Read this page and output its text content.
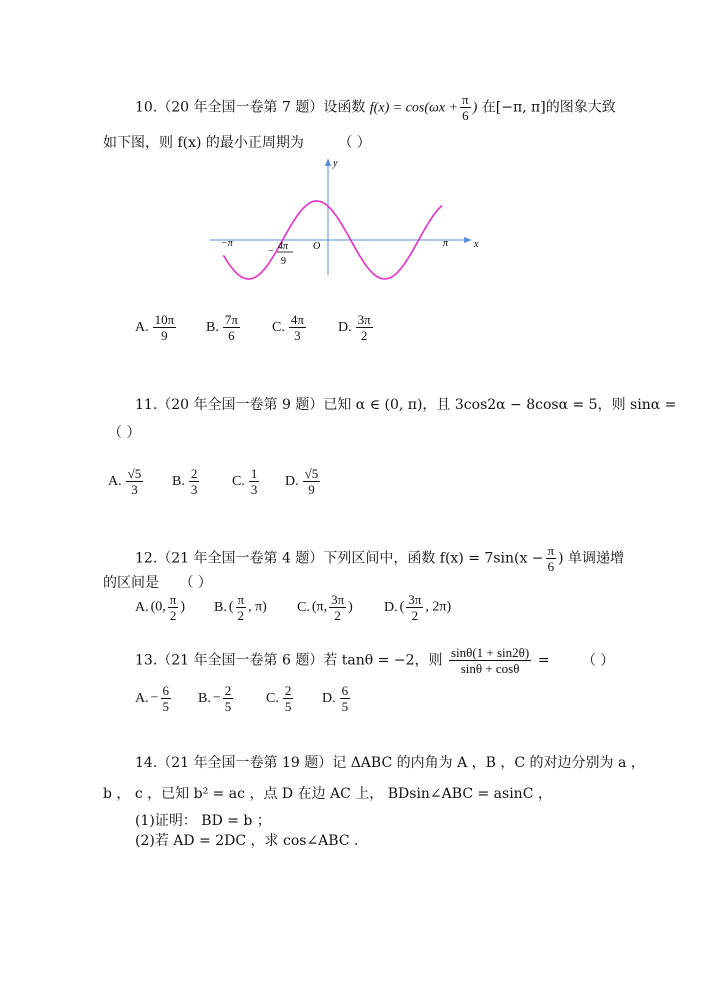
10.（20 年全国一卷第 7 题）设函数 $f(x) = \cos(\omega x + \frac{\pi}{6}$ ) 在[−π, π]的图象大致
如下图，则 f(x) 的最小正周期为 （ ）
−π	π	x
y
O
− 4π
9
A. $\frac{10\pi}{9} B$. $\frac{7\pi}{6} C$. $\frac{4\pi}{3} D$. $\frac{3\pi}{2}$
11.（20 年全国一卷第 9 题）已知 α ∈ (0, π)，且 3cos2α − 8cosα = 5，则 sinα =
（ ）
A. $\frac{√5}{3} B$. $\frac{2}{3} C$. $\frac{1}{3} D$. $\frac{√5}{9}$
12.（21 年全国一卷第 4 题）下列区间中，函数 $f(x) = 7\sin(x - \frac{\pi}{6}$ ) 单调递增
的区间是 （ ）
A. (0, $\frac{\pi}{2}$ ) B. ( $\frac{\pi}{2}$ , π) C. (π, $\frac{3\pi}{2}$ ) D. ( $\frac{3\pi}{2}$ , 2π)
13.（21 年全国一卷第 6 题）若 tanθ = −2，则 $\frac{\sin\theta(1 + \sin 2\theta)}{\sin\theta + \cos\theta}$ = （ ）
A. − $\frac{6}{5} B$. − $\frac{2}{5} C$. $\frac{2}{5} D$. $\frac{6}{5}$
14.（21 年全国一卷第 19 题）记 ΔABC 的内角为 A ，B ，C 的对边分别为 a ，
b ， c ，已知 b² = ac ，点 D 在边 AC 上， BDsin∠ABC = asinC ，
(1)证明： BD = b ；
(2)若 AD = 2DC ，求 cos∠ABC .
